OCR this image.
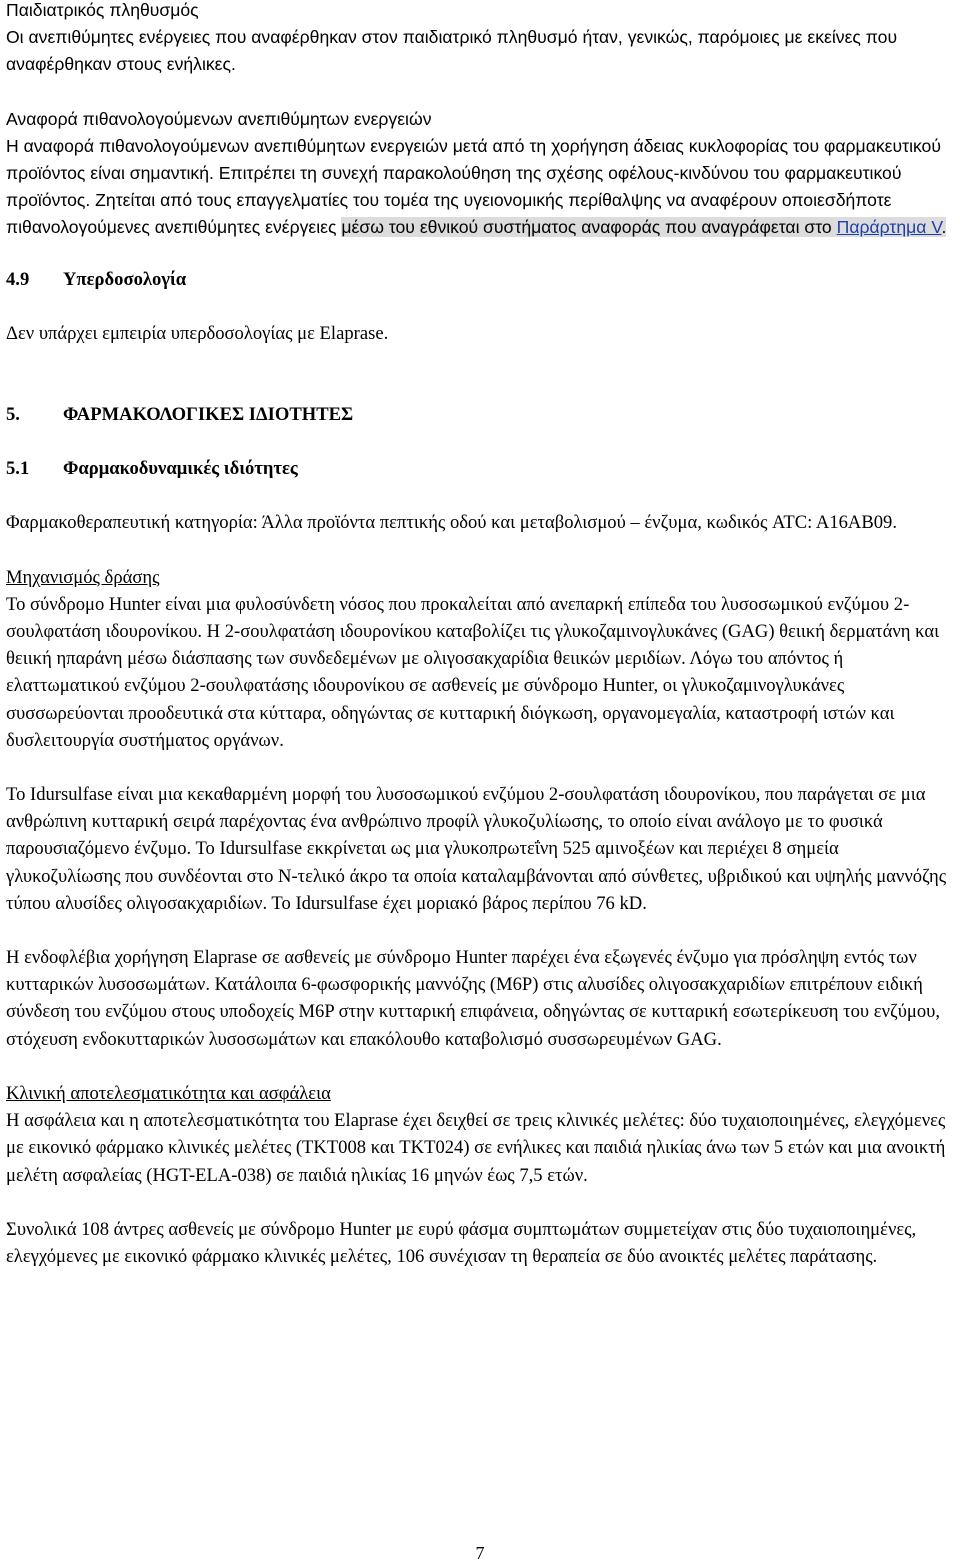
Παιδιατρικός πληθυσμός

Οι ανεπιθύμητες ενέργειες που αναφέρθηκαν στον παιδιατρικό πληθυσμό ήταν, γενικώς, παρόμοιες με εκείνες που αναφέρθηκαν στους ενήλικες.

Αναφορά πιθανολογούμενων ανεπιθύμητων ενεργειών

Η αναφορά πιθανολογούμενων ανεπιθύμητων ενεργειών μετά από τη χορήγηση άδειας κυκλοφορίας του φαρμακευτικού προϊόντος είναι σημαντική. Επιτρέπει τη συνεχή παρακολούθηση της σχέσης οφέλους-κινδύνου του φαρμακευτικού προϊόντος. Ζητείται από τους επαγγελματίες του τομέα της υγειονομικής περίθαλψης να αναφέρουν οποιεσδήποτε πιθανολογούμενες ανεπιθύμητες ενέργειες μέσω του εθνικού συστήματος αναφοράς που αναγράφεται στο Παράρτημα V.

4.9	Υπερδοσολογία

Δεν υπάρχει εμπειρία υπερδοσολογίας με Elaprase.

5.	ΦΑΡΜΑΚΟΛΟΓΙΚΕΣ ΙΔΙΟΤΗΤΕΣ
5.1	Φαρμακοδυναμικές ιδιότητες

Φαρμακοθεραπευτική κατηγορία: Άλλα προϊόντα πεπτικής οδού και μεταβολισμού – ένζυμα, κωδικός ATC: A16AB09.

Μηχανισμός δράσης

Το σύνδρομο Hunter είναι μια φυλοσύνδετη νόσος που προκαλείται από ανεπαρκή επίπεδα του λυσοσωμικού ενζύμου 2-σουλφατάση ιδουρονίκου. Η 2-σουλφατάση ιδουρονίκου καταβολίζει τις γλυκοζαμινογλυκάνες (GAG) θειική δερματάνη και θειική ηπαράνη μέσω διάσπασης των συνδεδεμένων με ολιγοσακχαρίδια θειικών μεριδίων. Λόγω του απόντος ή ελαττωματικού ενζύμου 2-σουλφατάσης ιδουρονίκου σε ασθενείς με σύνδρομο Hunter, οι γλυκοζαμινογλυκάνες συσσωρεύονται προοδευτικά στα κύτταρα, οδηγώντας σε κυτταρική διόγκωση, οργανομεγαλία, καταστροφή ιστών και δυσλειτουργία συστήματος οργάνων.

Το Idursulfase είναι μια κεκαθαρμένη μορφή του λυσοσωμικού ενζύμου 2-σουλφατάση ιδουρονίκου, που παράγεται σε μια ανθρώπινη κυτταρική σειρά παρέχοντας ένα ανθρώπινο προφίλ γλυκοζυλίωσης, το οποίο είναι ανάλογο με το φυσικά παρουσιαζόμενο ένζυμο. Το Idursulfase εκκρίνεται ως μια γλυκοπρωτεΐνη 525 αμινοξέων και περιέχει 8 σημεία γλυκοζυλίωσης που συνδέονται στο N-τελικό άκρο τα οποία καταλαμβάνονται από σύνθετες, υβριδικού και υψηλής μαννόζης τύπου αλυσίδες ολιγοσακχαριδίων. Το Idursulfase έχει μοριακό βάρος περίπου 76 kD.

Η ενδοφλέβια χορήγηση Elaprase σε ασθενείς με σύνδρομο Hunter παρέχει ένα εξωγενές ένζυμο για πρόσληψη εντός των κυτταρικών λυσοσωμάτων. Κατάλοιπα 6-φωσφορικής μαννόζης (M6P) στις αλυσίδες ολιγοσακχαριδίων επιτρέπουν ειδική σύνδεση του ενζύμου στους υποδοχείς M6P στην κυτταρική επιφάνεια, οδηγώντας σε κυτταρική εσωτερίκευση του ενζύμου, στόχευση ενδοκυτταρικών λυσοσωμάτων και επακόλουθο καταβολισμό συσσωρευμένων GAG.

Κλινική αποτελεσματικότητα και ασφάλεια

Η ασφάλεια και η αποτελεσματικότητα του Elaprase έχει δειχθεί σε τρεις κλινικές μελέτες: δύο τυχαιοποιημένες, ελεγχόμενες με εικονικό φάρμακο κλινικές μελέτες (TKT008 και TKT024) σε ενήλικες και παιδιά ηλικίας άνω των 5 ετών και μια ανοικτή μελέτη ασφαλείας (HGT-ELA-038) σε παιδιά ηλικίας 16 μηνών έως 7,5 ετών.

Συνολικά 108 άντρες ασθενείς με σύνδρομο Hunter με ευρύ φάσμα συμπτωμάτων συμμετείχαν στις δύο τυχαιοποιημένες, ελεγχόμενες με εικονικό φάρμακο κλινικές μελέτες, 106 συνέχισαν τη θεραπεία σε δύο ανοικτές μελέτες παράτασης.

7
